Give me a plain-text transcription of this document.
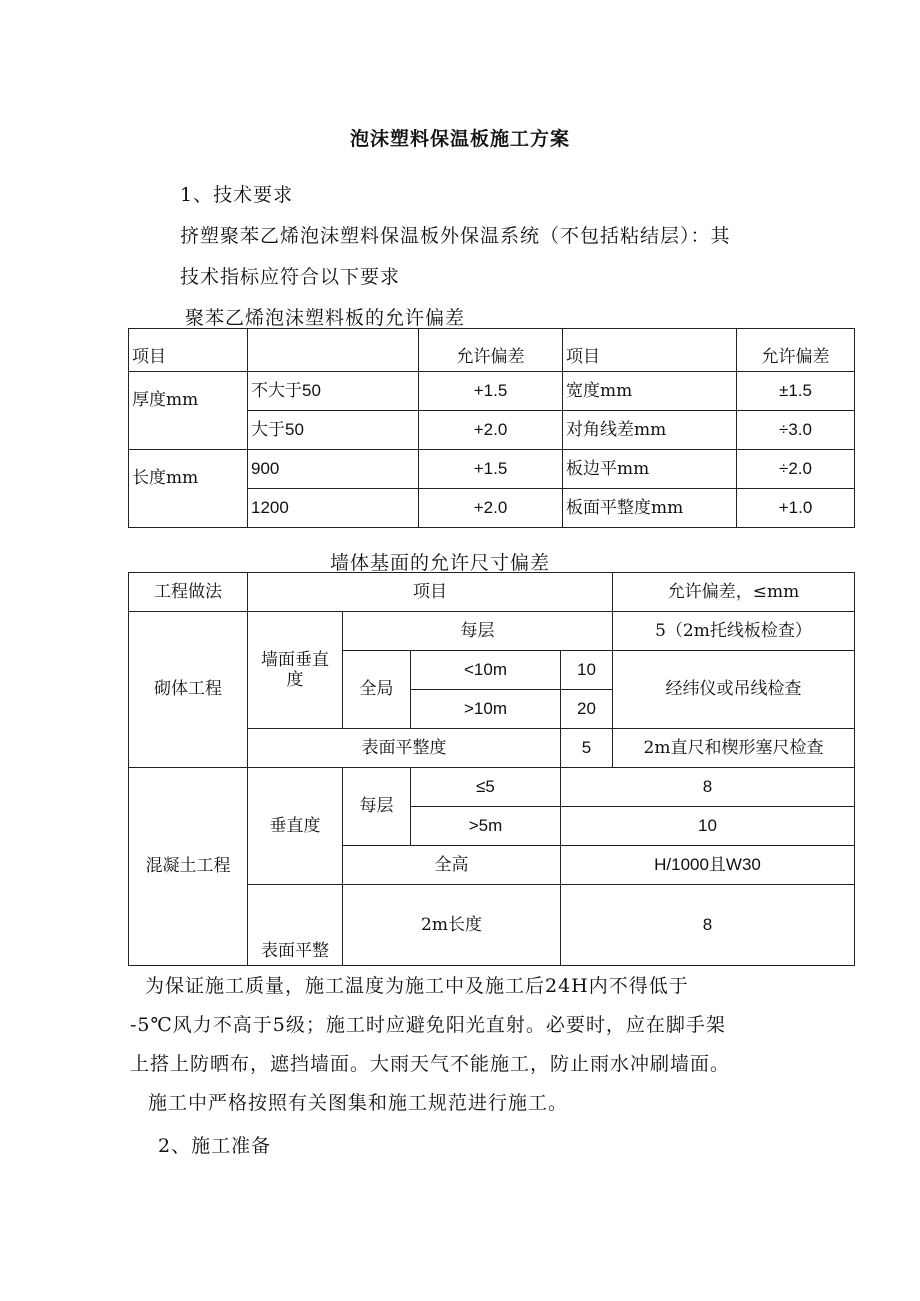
泡沫塑料保温板施工方案
1、技术要求
挤塑聚苯乙烯泡沫塑料保温板外保温系统（不包括粘结层）：其
技术指标应符合以下要求
聚苯乙烯泡沫塑料板的允许偏差
项目		允许偏差	项目	允许偏差
厚度mm	不大于50	+1.5	宽度mm	±1.5
	大于50	+2.0	对角线差mm	÷3.0
长度mm	900	+1.5	板边平mm	÷2.0
	1200	+2.0	板面平整度mm	+1.0
墙体基面的允许尺寸偏差
工程做法	项目				允许偏差，≤mm
砌体工程	墙面垂直度	每层			5（2m托线板检查）
		全局	<10m	10	经纬仪或吊线检查
			>10m	20	
	表面平整度			5	2m直尺和楔形塞尺检查
混凝土工程	垂直度	每层	≤5	8	
			>5m	10	
		全高		H/1000且W30	
	表面平整	2m长度		8	

为保证施工质量，施工温度为施工中及施工后24H内不得低于
-5℃风力不高于5级；施工时应避免阳光直射。必要时，应在脚手架
上搭上防晒布，遮挡墙面。大雨天气不能施工，防止雨水冲刷墙面。
施工中严格按照有关图集和施工规范进行施工。
2、施工准备
